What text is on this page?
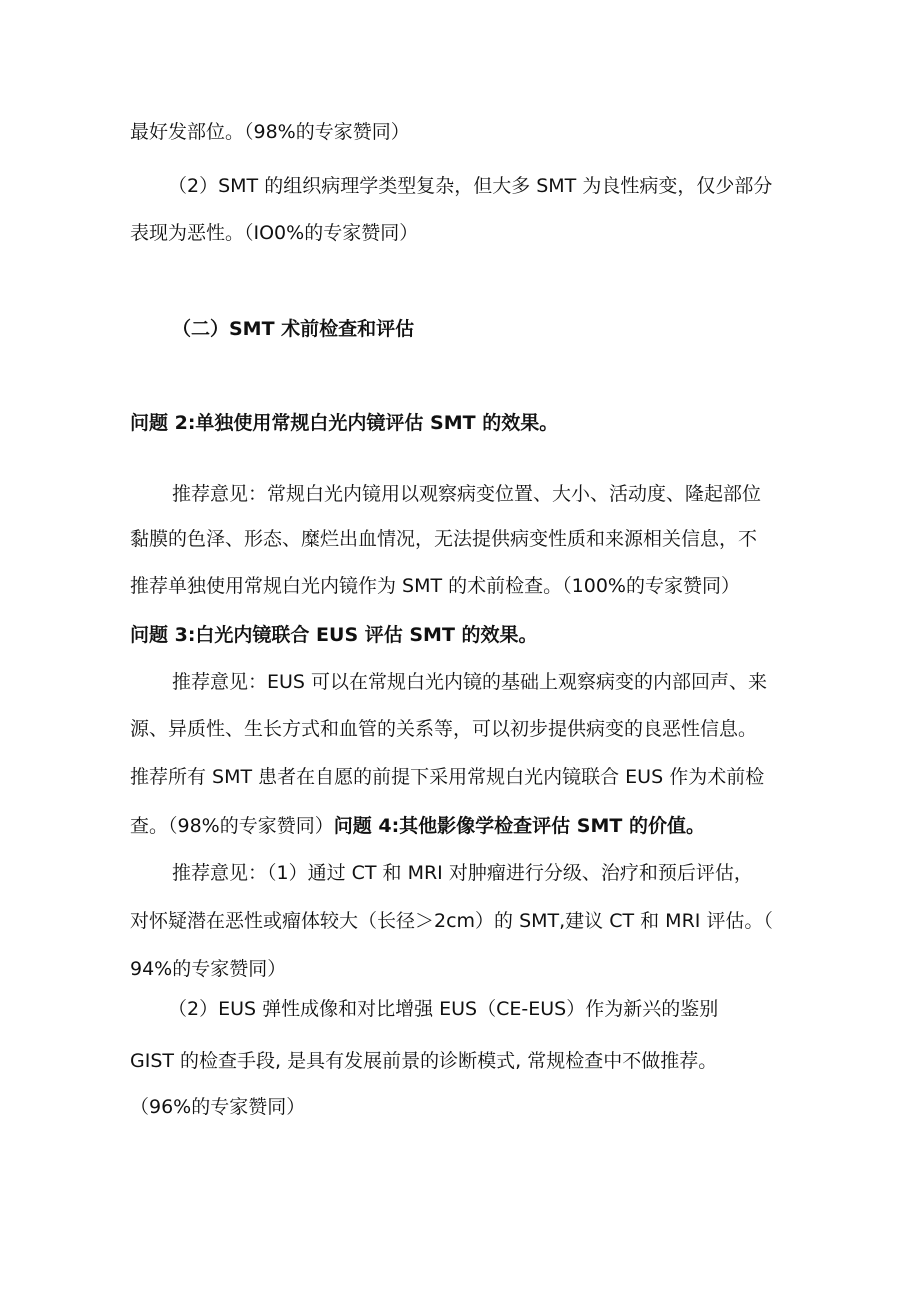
最好发部位。（98%的专家赞同）

（2）SMT 的组织病理学类型复杂，但大多 SMT 为良性病变，仅少部分

表现为恶性。（IO0%的专家赞同）

（二）SMT 术前检查和评估

问题 2:单独使用常规白光内镜评估 SMT 的效果。

推荐意见：常规白光内镜用以观察病变位置、大小、活动度、隆起部位

黏膜的色泽、形态、糜烂出血情况，无法提供病变性质和来源相关信息，不

推荐单独使用常规白光内镜作为 SMT 的术前检查。（100%的专家赞同）

问题 3:白光内镜联合 EUS 评估 SMT 的效果。

推荐意见：EUS 可以在常规白光内镜的基础上观察病变的内部回声、来

源、异质性、生长方式和血管的关系等，可以初步提供病变的良恶性信息。

推荐所有 SMT 患者在自愿的前提下采用常规白光内镜联合 EUS 作为术前检

查。（98%的专家赞同）问题 4:其他影像学检查评估 SMT 的价值。

推荐意见：（1）通过 CT 和 MRI 对肿瘤进行分级、治疗和预后评估，

对怀疑潜在恶性或瘤体较大（长径＞2cm）的 SMT,建议 CT 和 MRI 评估。（

94%的专家赞同）

（2）EUS 弹性成像和对比增强 EUS（CE-EUS）作为新兴的鉴别

GIST 的检查手段, 是具有发展前景的诊断模式, 常规检查中不做推荐。

（96%的专家赞同）
